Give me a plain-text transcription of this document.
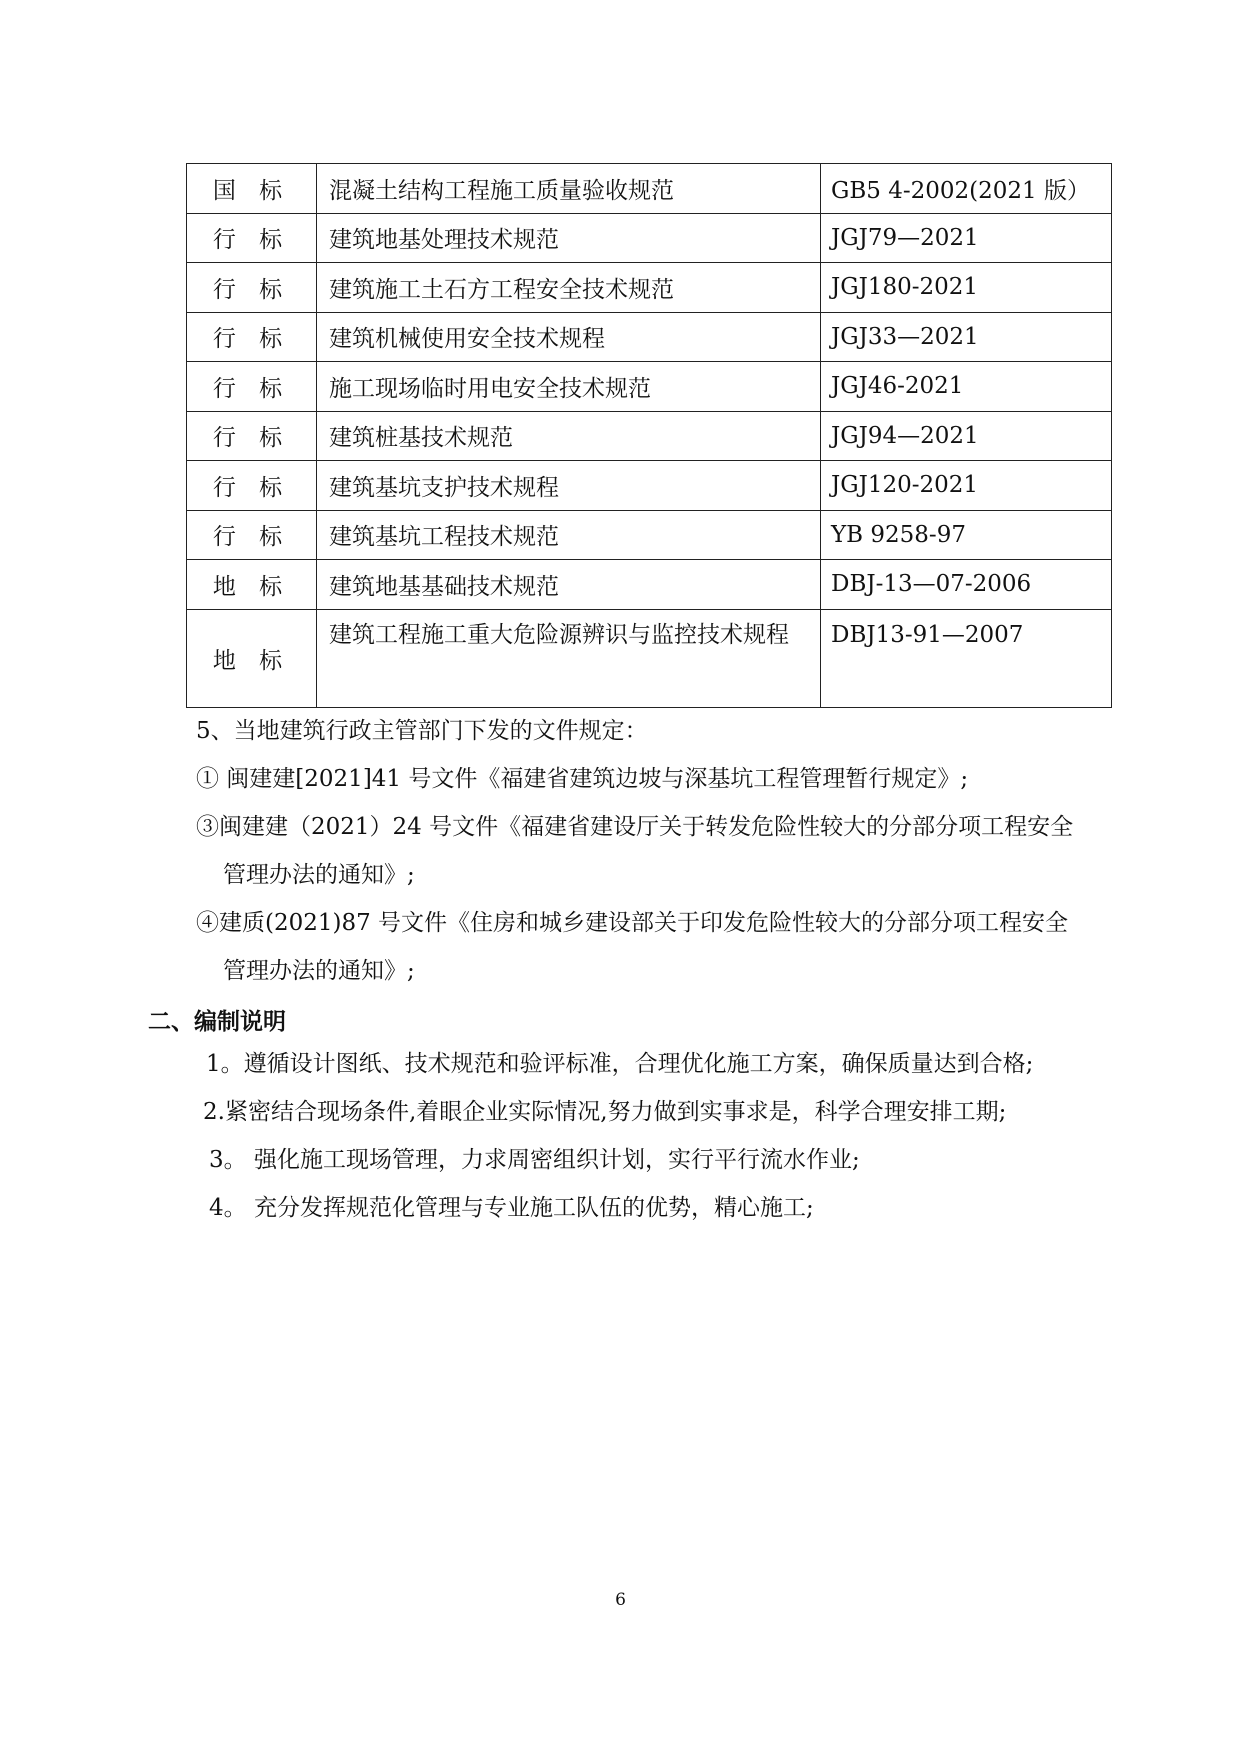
国 标	混凝土结构工程施工质量验收规范	GB5 4-2002(2021 版）
行 标	建筑地基处理技术规范	JGJ79—2021
行 标	建筑施工土石方工程安全技术规范	JGJ180-2021
行 标	建筑机械使用安全技术规程	JGJ33—2021
行 标	施工现场临时用电安全技术规范	JGJ46-2021
行 标	建筑桩基技术规范	JGJ94—2021
行 标	建筑基坑支护技术规程	JGJ120-2021
行 标	建筑基坑工程技术规范	YB 9258-97
地 标	建筑地基基础技术规范	DBJ-13—07-2006
地 标	建筑工程施工重大危险源辨识与监控技术规程	DBJ13-91—2007
5、当地建筑行政主管部门下发的文件规定：
① 闽建建[2021]41 号文件《福建省建筑边坡与深基坑工程管理暂行规定》;
③闽建建（2021）24 号文件《福建省建设厅关于转发危险性较大的分部分项工程安全
管理办法的通知》;
④建质(2021)87 号文件《住房和城乡建设部关于印发危险性较大的分部分项工程安全
管理办法的通知》;
二、编制说明
1。遵循设计图纸、技术规范和验评标准，合理优化施工方案，确保质量达到合格;
2.紧密结合现场条件,着眼企业实际情况,努力做到实事求是，科学合理安排工期;
3。 强化施工现场管理，力求周密组织计划，实行平行流水作业;
4。 充分发挥规范化管理与专业施工队伍的优势，精心施工;
6
